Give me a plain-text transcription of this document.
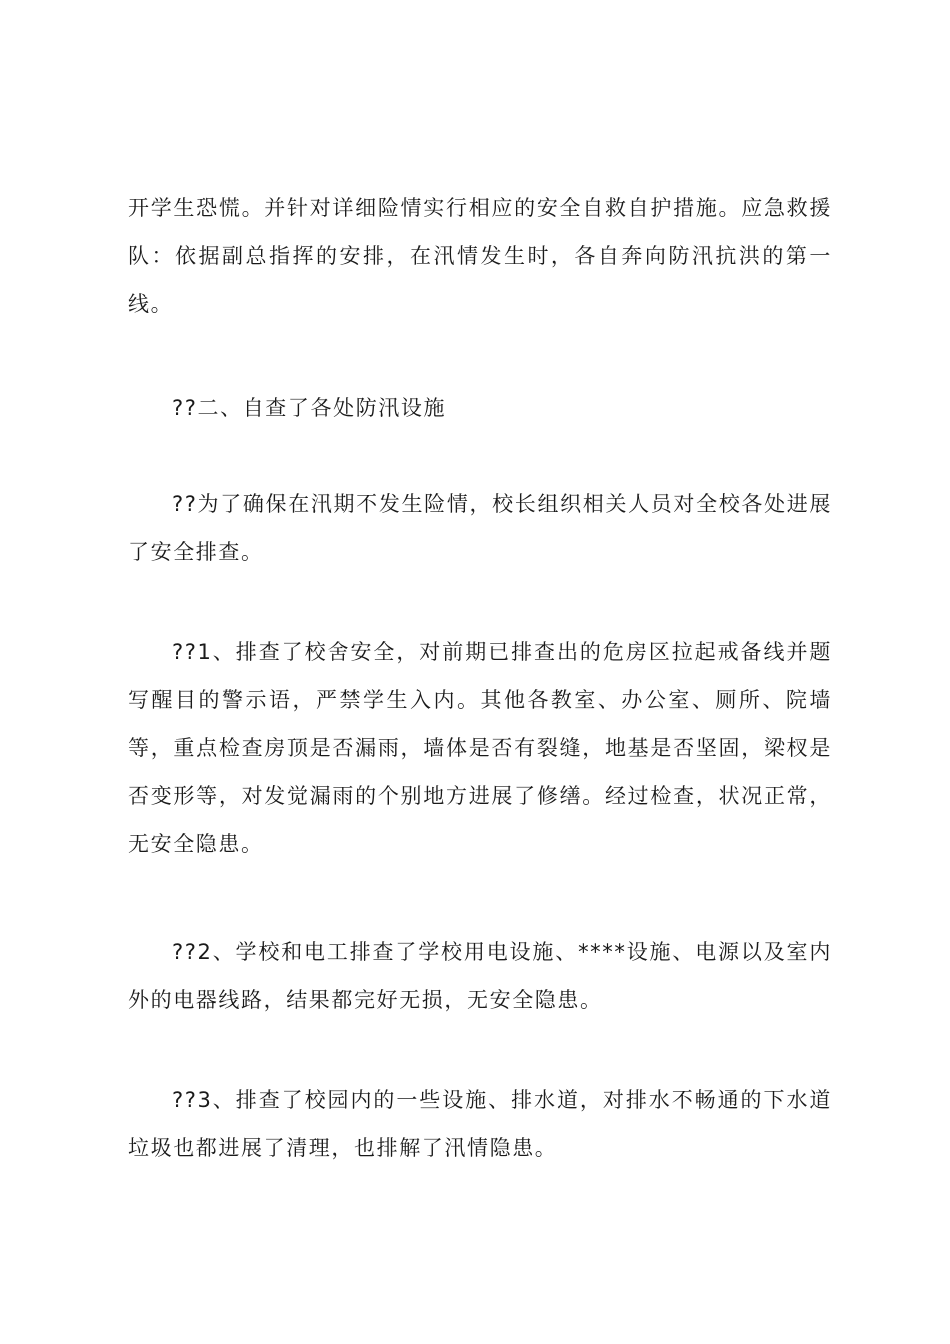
开学生恐慌。并针对详细险情实行相应的安全自救自护措施。应急救援队：依据副总指挥的安排，在汛情发生时，各自奔向防汛抗洪的第一线。

??二、自查了各处防汛设施

??为了确保在汛期不发生险情，校长组织相关人员对全校各处进展了安全排查。

??1、排查了校舍安全，对前期已排查出的危房区拉起戒备线并题写醒目的警示语，严禁学生入内。其他各教室、办公室、厕所、院墙等，重点检查房顶是否漏雨，墙体是否有裂缝，地基是否坚固，梁杈是否变形等，对发觉漏雨的个别地方进展了修缮。经过检查，状况正常，无安全隐患。

??2、学校和电工排查了学校用电设施、****设施、电源以及室内外的电器线路，结果都完好无损，无安全隐患。

??3、排查了校园内的一些设施、排水道，对排水不畅通的下水道垃圾也都进展了清理，也排解了汛情隐患。
